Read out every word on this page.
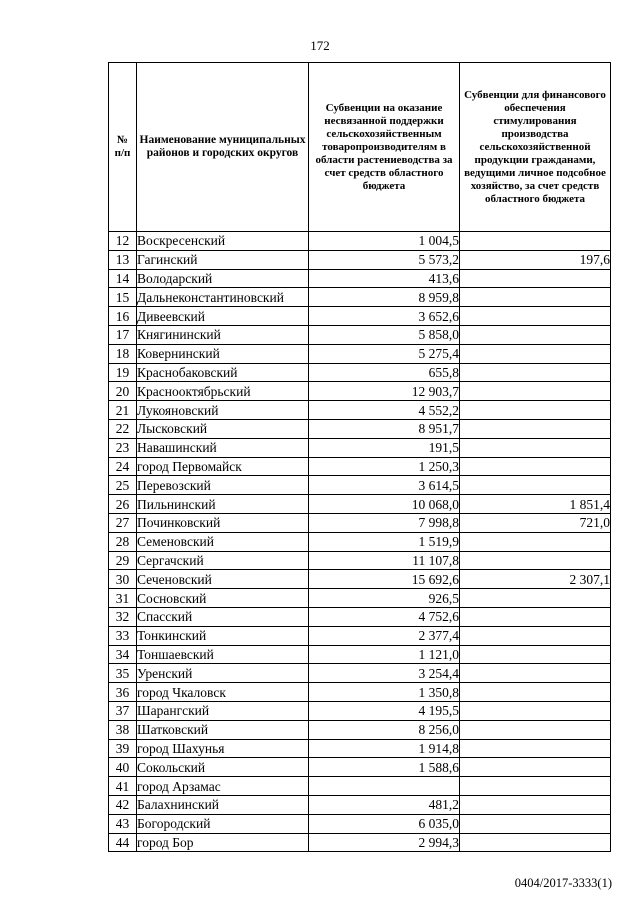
172
№ п/п	Наименование муниципальных районов и городских округов	Субвенции на оказание несвязанной поддержки сельскохозяйственным товаропроизводителям в области растениеводства за счет средств областного бюджета	Субвенции для финансового обеспечения стимулирования производства сельскохозяйственной продукции гражданами, ведущими личное подсобное хозяйство, за счет средств областного бюджета
12	Воскресенский	1 004,5	
13	Гагинский	5 573,2	197,6
14	Володарский	413,6	
15	Дальнеконстантиновский	8 959,8	
16	Дивеевский	3 652,6	
17	Княгининский	5 858,0	
18	Ковернинский	5 275,4	
19	Краснобаковский	655,8	
20	Краснооктябрьский	12 903,7	
21	Лукояновский	4 552,2	
22	Лысковский	8 951,7	
23	Навашинский	191,5	
24	город Первомайск	1 250,3	
25	Перевозский	3 614,5	
26	Пильнинский	10 068,0	1 851,4
27	Починковский	7 998,8	721,0
28	Семеновский	1 519,9	
29	Сергачский	11 107,8	
30	Сеченовский	15 692,6	2 307,1
31	Сосновский	926,5	
32	Спасский	4 752,6	
33	Тонкинский	2 377,4	
34	Тоншаевский	1 121,0	
35	Уренский	3 254,4	
36	город Чкаловск	1 350,8	
37	Шарангский	4 195,5	
38	Шатковский	8 256,0	
39	город Шахунья	1 914,8	
40	Сокольский	1 588,6	
41	город Арзамас		
42	Балахнинский	481,2	
43	Богородский	6 035,0	
44	город Бор	2 994,3	
0404/2017-3333(1)
